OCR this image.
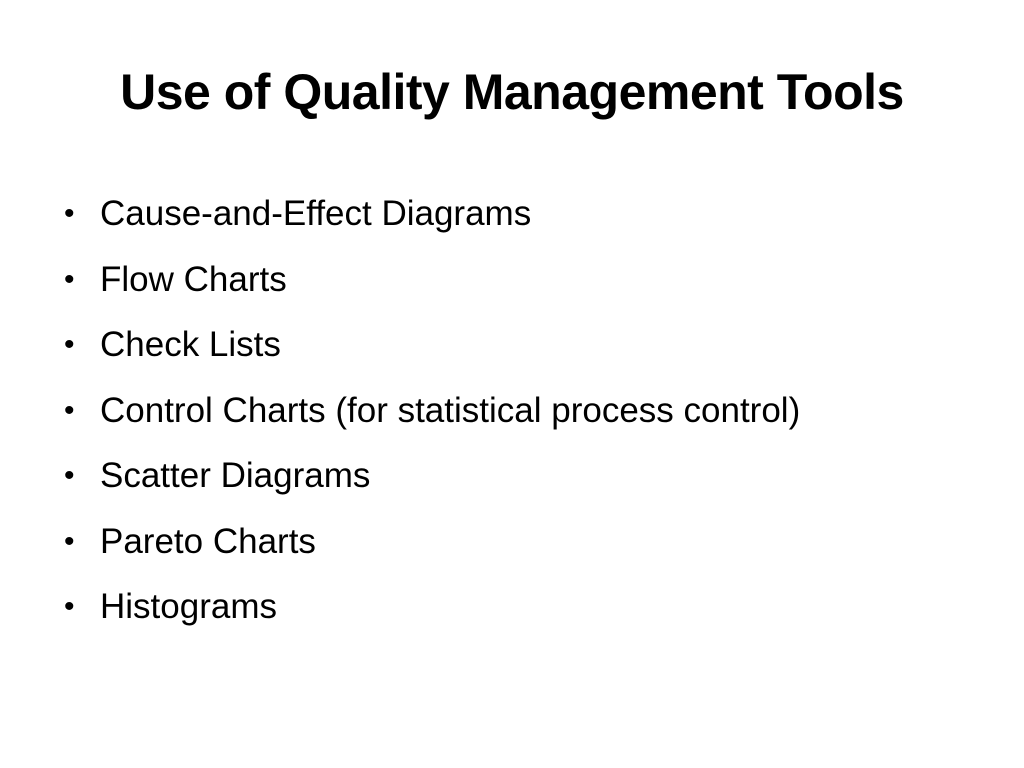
Use of Quality Management Tools
• Cause-and-Effect Diagrams
• Flow Charts
• Check Lists
• Control Charts (for statistical process control)
• Scatter Diagrams
• Pareto Charts
• Histograms
